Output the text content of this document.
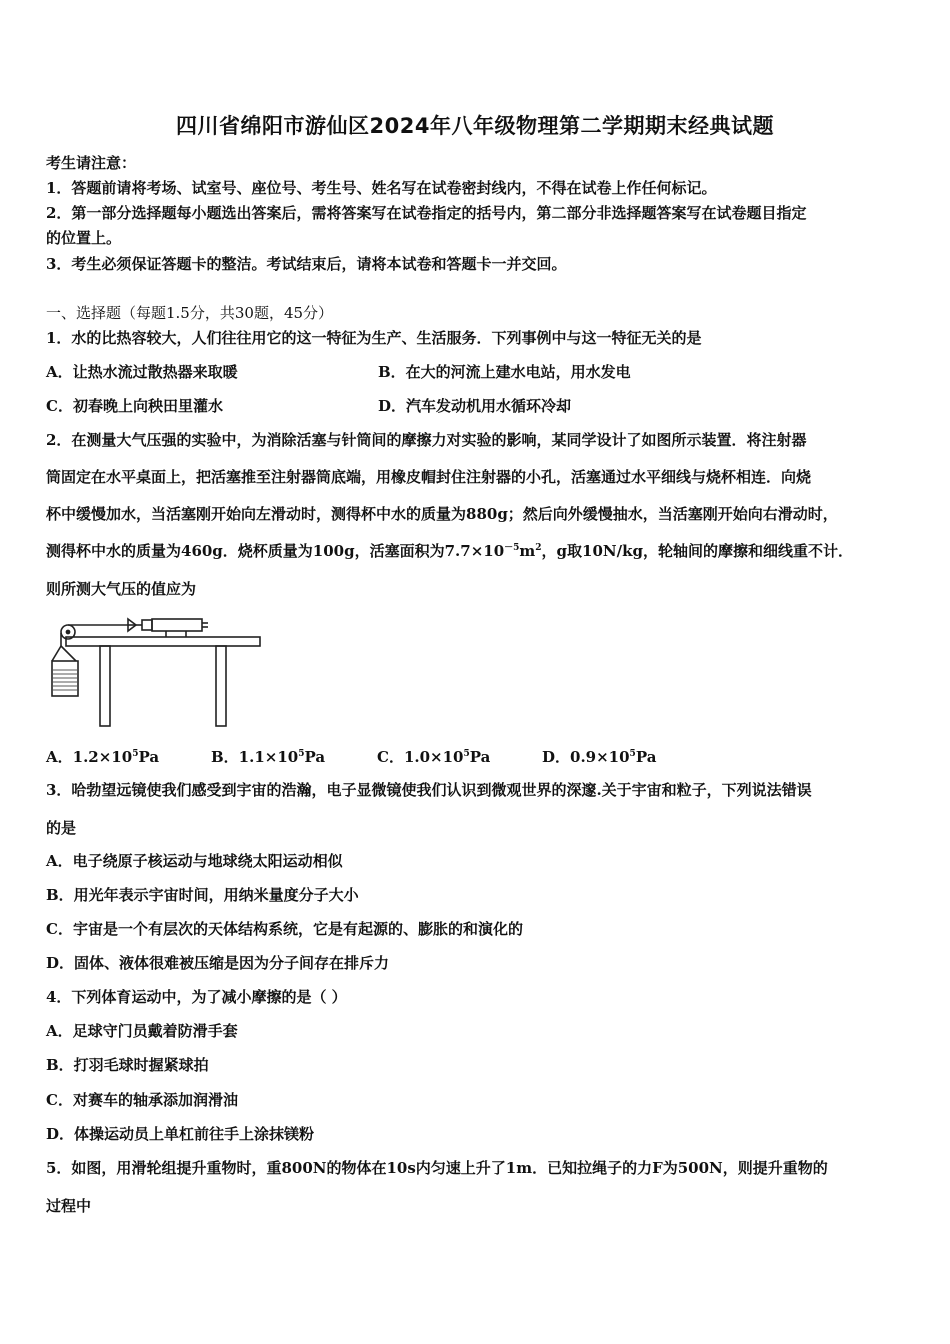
四川省绵阳市游仙区2024年八年级物理第二学期期末经典试题
考生请注意：
1．答题前请将考场、试室号、座位号、考生号、姓名写在试卷密封线内，不得在试卷上作任何标记。
2．第一部分选择题每小题选出答案后，需将答案写在试卷指定的括号内，第二部分非选择题答案写在试卷题目指定
的位置上。
3．考生必须保证答题卡的整洁。考试结束后，请将本试卷和答题卡一并交回。
一、选择题（每题1.5分，共30题，45分）
1．水的比热容较大，人们往往用它的这一特征为生产、生活服务．下列事例中与这一特征无关的是
A．让热水流过散热器来取暖	B．在大的河流上建水电站，用水发电
C．初春晚上向秧田里灌水	D．汽车发动机用水循环冷却
2．在测量大气压强的实验中，为消除活塞与针筒间的摩擦力对实验的影响，某同学设计了如图所示装置．将注射器
筒固定在水平桌面上，把活塞推至注射器筒底端，用橡皮帽封住注射器的小孔，活塞通过水平细线与烧杯相连．向烧
杯中缓慢加水，当活塞刚开始向左滑动时，测得杯中水的质量为880g；然后向外缓慢抽水，当活塞刚开始向右滑动时，
测得杯中水的质量为460g．烧杯质量为100g，活塞面积为$7.7\times 10^{-5}m^2$，g取10N/kg，轮轴间的摩擦和细线重不计．
则所测大气压的值应为
A．$1.2\times 10^5Pa$	B．$1.1\times 10^5Pa$	C．$1.0\times 10^5Pa$	D．$0.9\times 10^5Pa$
3．哈勃望远镜使我们感受到宇宙的浩瀚，电子显微镜使我们认识到微观世界的深邃.关于宇宙和粒子，下列说法错误
的是
A．电子绕原子核运动与地球绕太阳运动相似
B．用光年表示宇宙时间，用纳米量度分子大小
C．宇宙是一个有层次的天体结构系统，它是有起源的、膨胀的和演化的
D．固体、液体很难被压缩是因为分子间存在排斥力
4．下列体育运动中，为了减小摩擦的是（ ）
A．足球守门员戴着防滑手套
B．打羽毛球时握紧球拍
C．对赛车的轴承添加润滑油
D．体操运动员上单杠前往手上涂抹镁粉
5．如图，用滑轮组提升重物时，重800N的物体在10s内匀速上升了1m．已知拉绳子的力F为500N，则提升重物的
过程中
